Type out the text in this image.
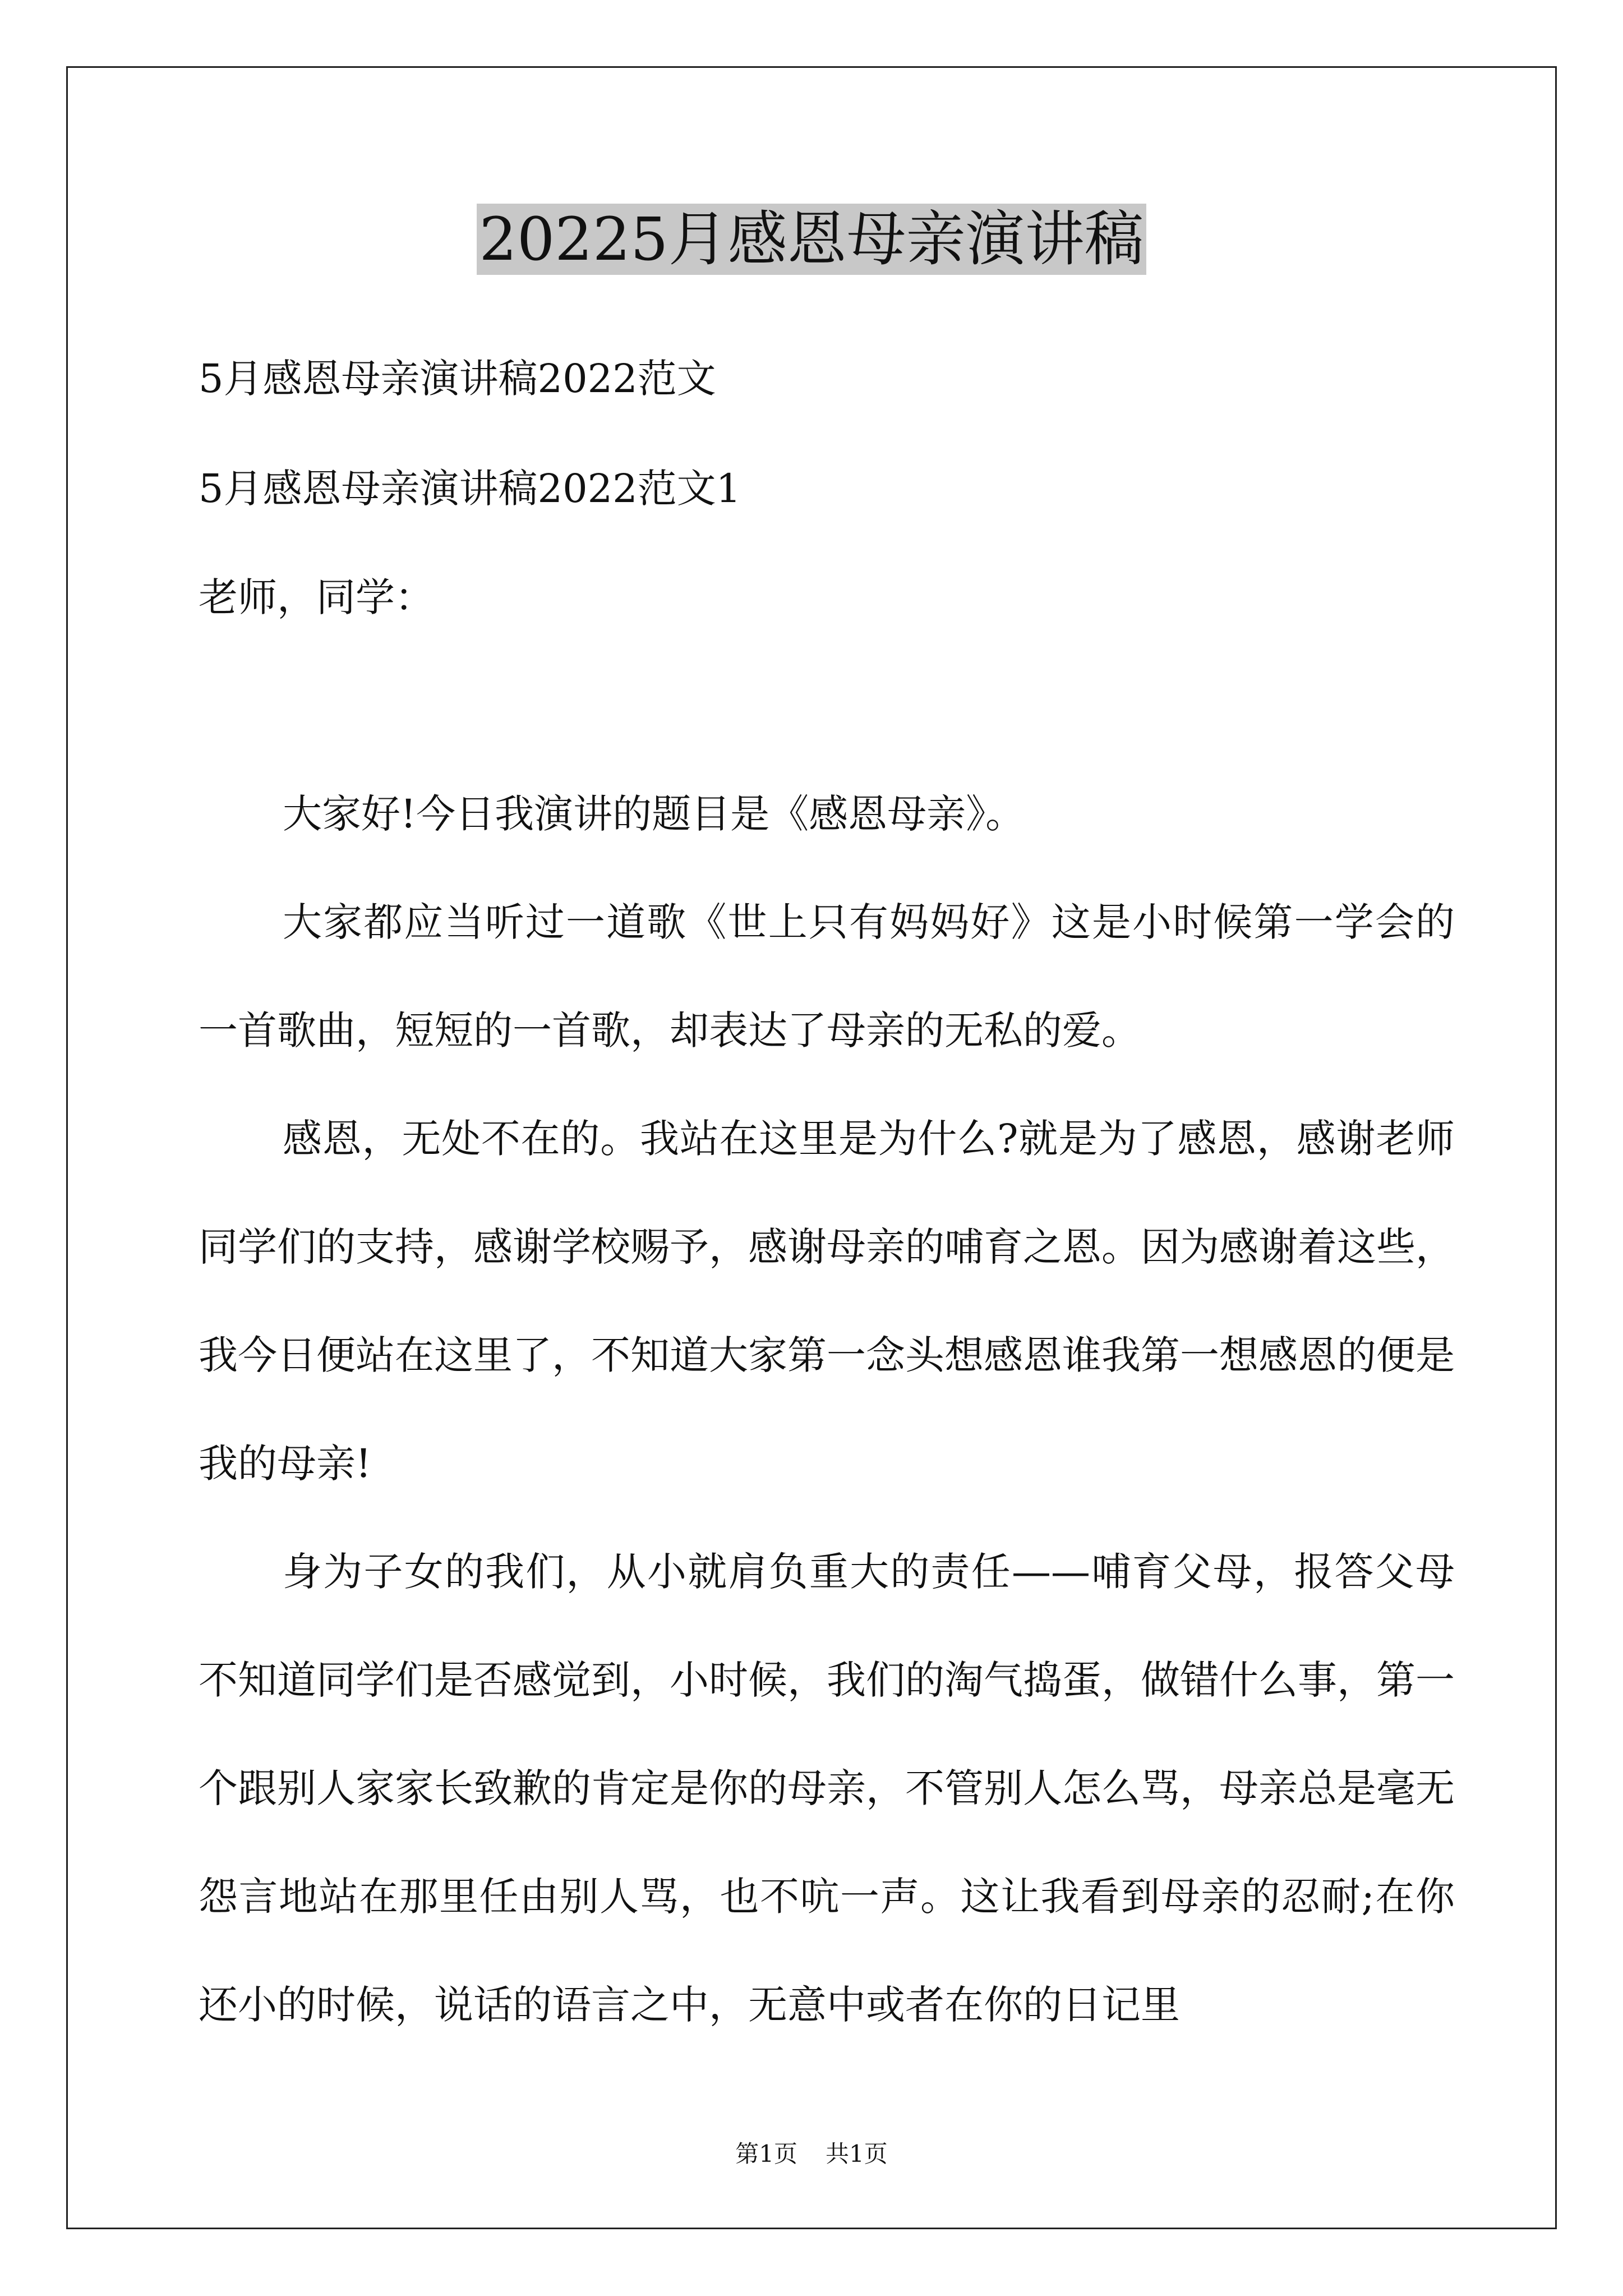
20225月感恩母亲演讲稿

5月感恩母亲演讲稿2022范文

5月感恩母亲演讲稿2022范文1

老师，同学：

大家好!今日我演讲的题目是《感恩母亲》。

大家都应当听过一道歌《世上只有妈妈好》这是小时候第一学会的一首歌曲，短短的一首歌，却表达了母亲的无私的爱。

感恩，无处不在的。我站在这里是为什么?就是为了感恩，感谢老师同学们的支持，感谢学校赐予，感谢母亲的哺育之恩。因为感谢着这些，我今日便站在这里了，不知道大家第一念头想感恩谁我第一想感恩的便是我的母亲!

身为子女的我们，从小就肩负重大的责任——哺育父母，报答父母不知道同学们是否感觉到，小时候，我们的淘气捣蛋，做错什么事，第一个跟别人家家长致歉的肯定是你的母亲，不管别人怎么骂，母亲总是毫无怨言地站在那里任由别人骂，也不吭一声。这让我看到母亲的忍耐;在你还小的时候，说话的语言之中，无意中或者在你的日记里

第1页 共1页
